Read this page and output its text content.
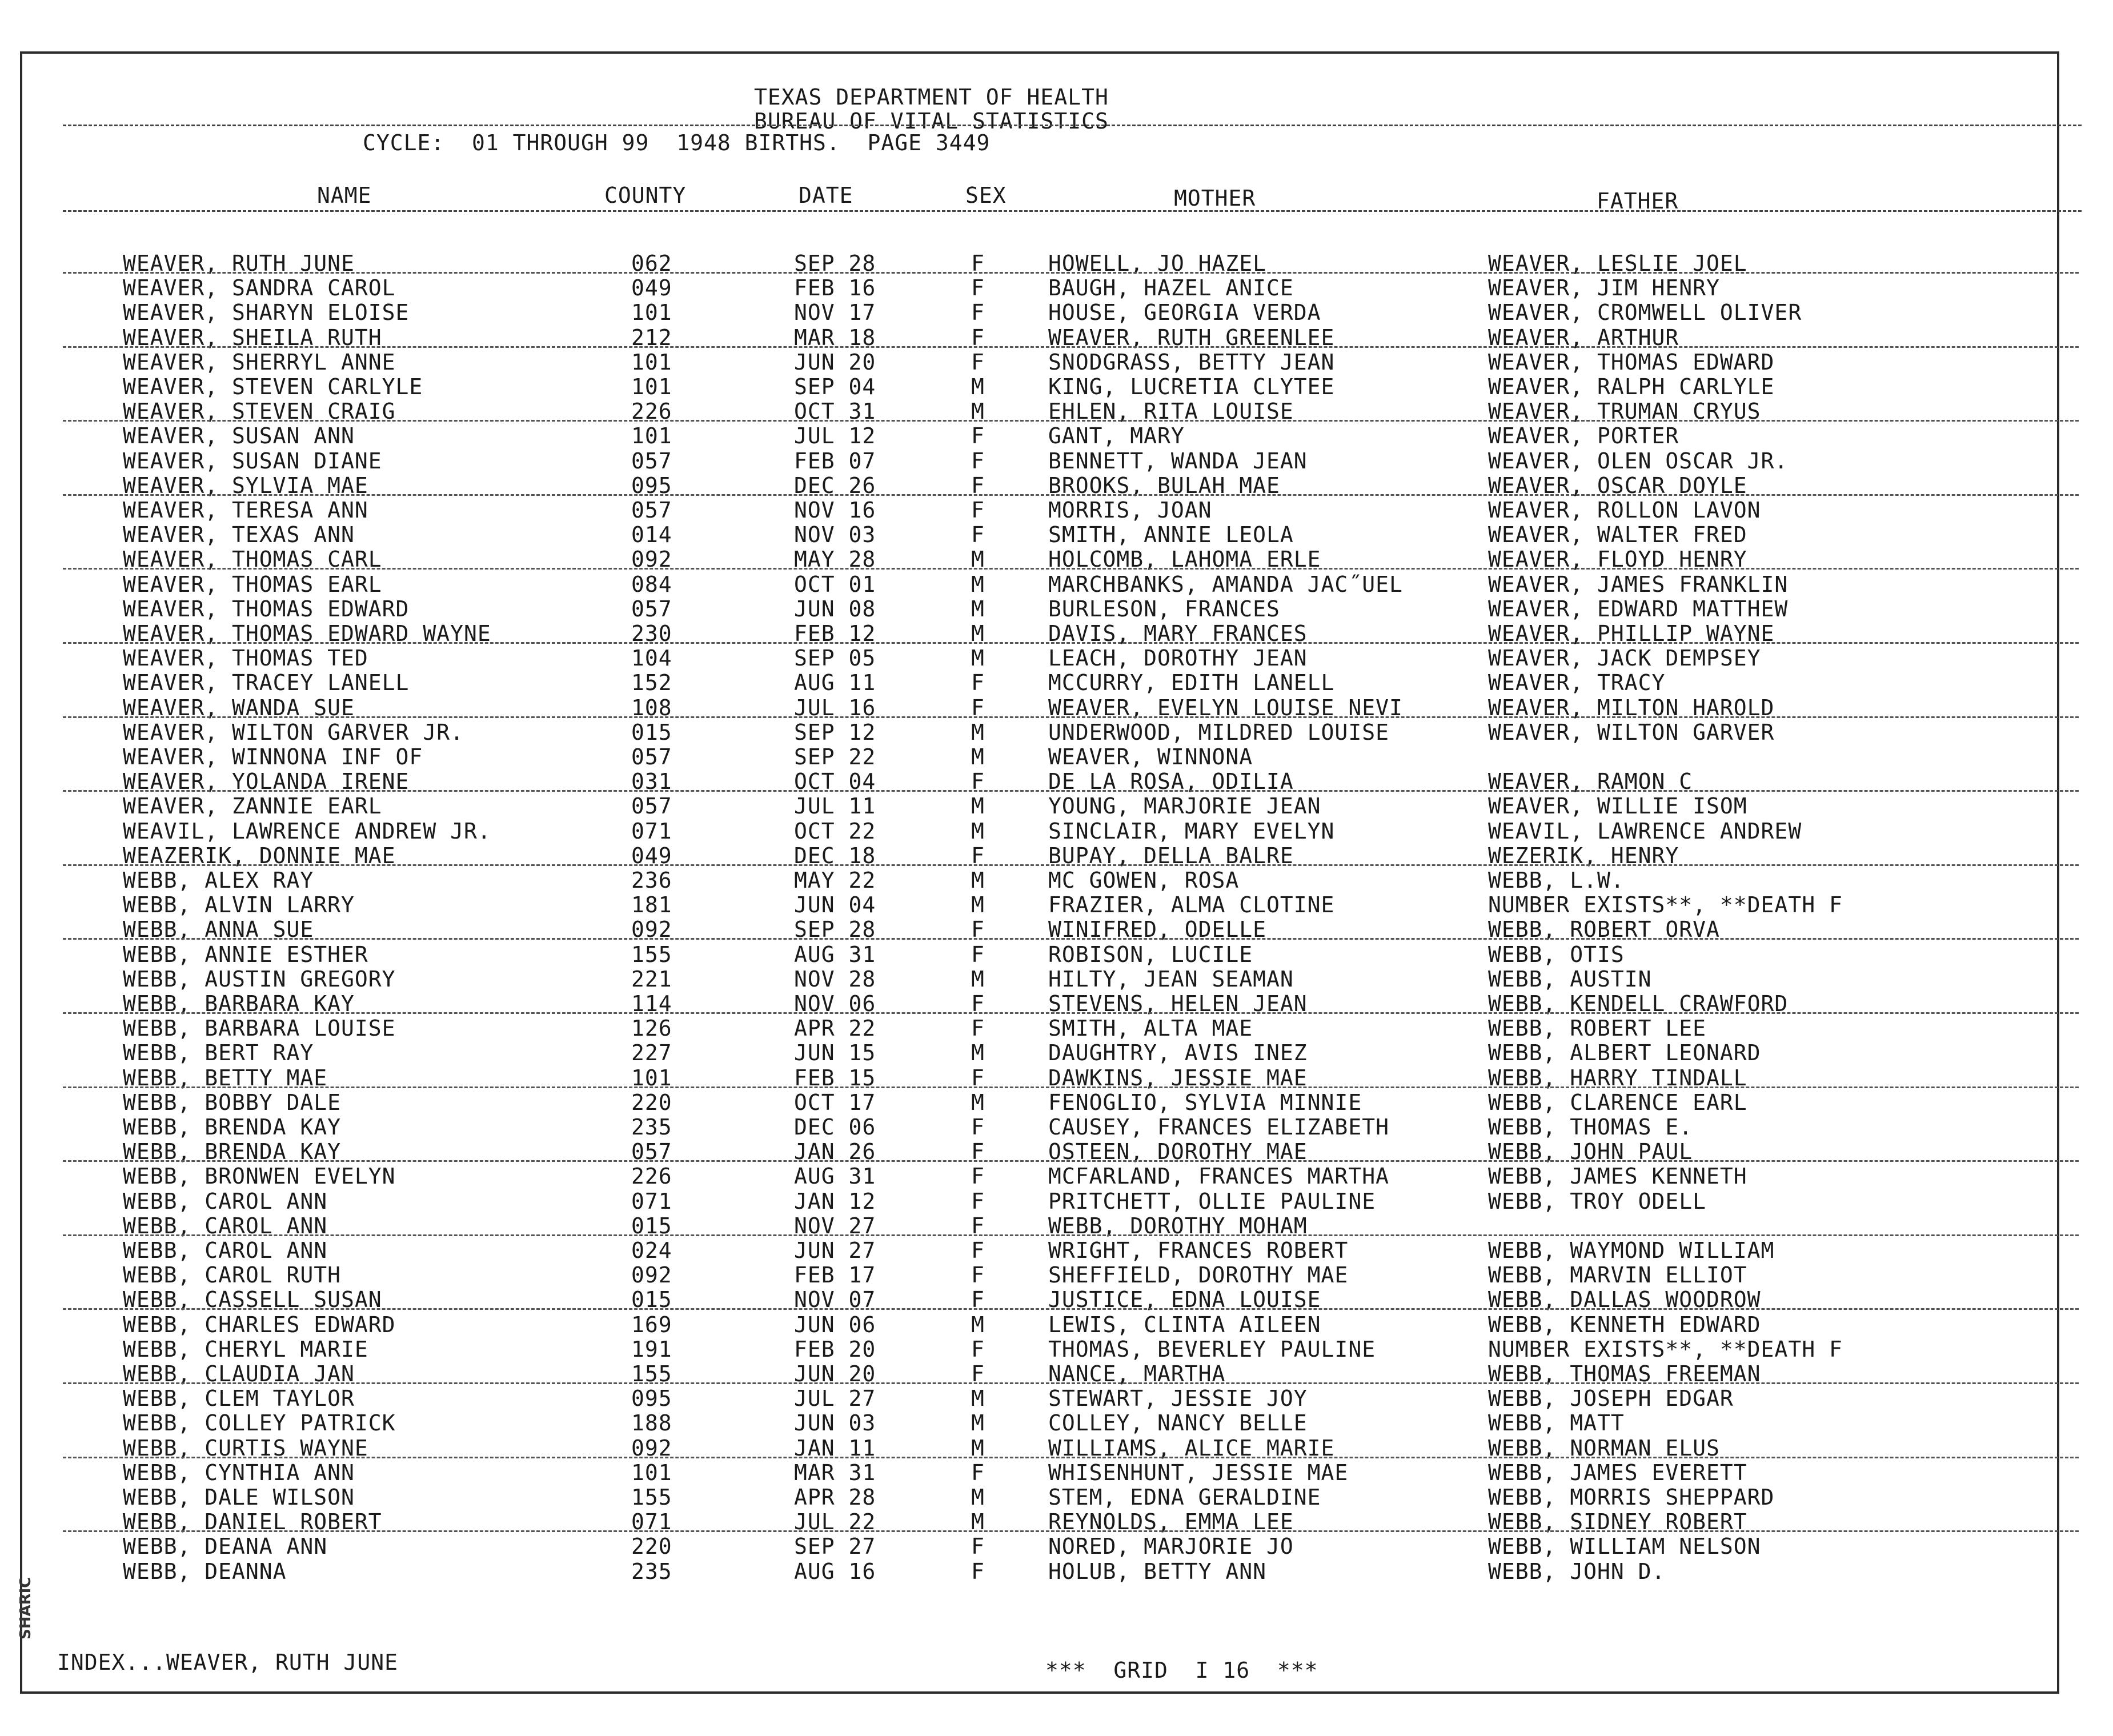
SHARIC
TEXAS DEPARTMENT OF HEALTH
BUREAU OF VITAL STATISTICS
CYCLE:  01 THROUGH 99  1948 BIRTHS.  PAGE 3449
NAME	COUNTY	DATE	SEX	MOTHER	FATHER
WEAVER, RUTH JUNE	062	SEP 28	F	HOWELL, JO HAZEL	WEAVER, LESLIE JOEL
WEAVER, SANDRA CAROL	049	FEB 16	F	BAUGH, HAZEL ANICE	WEAVER, JIM HENRY
WEAVER, SHARYN ELOISE	101	NOV 17	F	HOUSE, GEORGIA VERDA	WEAVER, CROMWELL OLIVER
WEAVER, SHEILA RUTH	212	MAR 18	F	WEAVER, RUTH GREENLEE	WEAVER, ARTHUR
WEAVER, SHERRYL ANNE	101	JUN 20	F	SNODGRASS, BETTY JEAN	WEAVER, THOMAS EDWARD
WEAVER, STEVEN CARLYLE	101	SEP 04	M	KING, LUCRETIA CLYTEE	WEAVER, RALPH CARLYLE
WEAVER, STEVEN CRAIG	226	OCT 31	M	EHLEN, RITA LOUISE	WEAVER, TRUMAN CRYUS
WEAVER, SUSAN ANN	101	JUL 12	F	GANT, MARY	WEAVER, PORTER
WEAVER, SUSAN DIANE	057	FEB 07	F	BENNETT, WANDA JEAN	WEAVER, OLEN OSCAR JR.
WEAVER, SYLVIA MAE	095	DEC 26	F	BROOKS, BULAH MAE	WEAVER, OSCAR DOYLE
WEAVER, TERESA ANN	057	NOV 16	F	MORRIS, JOAN	WEAVER, ROLLON LAVON
WEAVER, TEXAS ANN	014	NOV 03	F	SMITH, ANNIE LEOLA	WEAVER, WALTER FRED
WEAVER, THOMAS CARL	092	MAY 28	M	HOLCOMB, LAHOMA ERLE	WEAVER, FLOYD HENRY
WEAVER, THOMAS EARL	084	OCT 01	M	MARCHBANKS, AMANDA JAC˝UEL	WEAVER, JAMES FRANKLIN
WEAVER, THOMAS EDWARD	057	JUN 08	M	BURLESON, FRANCES	WEAVER, EDWARD MATTHEW
WEAVER, THOMAS EDWARD WAYNE	230	FEB 12	M	DAVIS, MARY FRANCES	WEAVER, PHILLIP WAYNE
WEAVER, THOMAS TED	104	SEP 05	M	LEACH, DOROTHY JEAN	WEAVER, JACK DEMPSEY
WEAVER, TRACEY LANELL	152	AUG 11	F	MCCURRY, EDITH LANELL	WEAVER, TRACY
WEAVER, WANDA SUE	108	JUL 16	F	WEAVER, EVELYN LOUISE NEVI	WEAVER, MILTON HAROLD
WEAVER, WILTON GARVER JR.	015	SEP 12	M	UNDERWOOD, MILDRED LOUISE	WEAVER, WILTON GARVER
WEAVER, WINNONA INF OF	057	SEP 22	M	WEAVER, WINNONA
WEAVER, YOLANDA IRENE	031	OCT 04	F	DE LA ROSA, ODILIA	WEAVER, RAMON C
WEAVER, ZANNIE EARL	057	JUL 11	M	YOUNG, MARJORIE JEAN	WEAVER, WILLIE ISOM
WEAVIL, LAWRENCE ANDREW JR.	071	OCT 22	M	SINCLAIR, MARY EVELYN	WEAVIL, LAWRENCE ANDREW
WEAZERIK, DONNIE MAE	049	DEC 18	F	BUPAY, DELLA BALRE	WEZERIK, HENRY
WEBB, ALEX RAY	236	MAY 22	M	MC GOWEN, ROSA	WEBB, L.W.
WEBB, ALVIN LARRY	181	JUN 04	M	FRAZIER, ALMA CLOTINE	NUMBER EXISTS**, **DEATH F
WEBB, ANNA SUE	092	SEP 28	F	WINIFRED, ODELLE	WEBB, ROBERT ORVA
WEBB, ANNIE ESTHER	155	AUG 31	F	ROBISON, LUCILE	WEBB, OTIS
WEBB, AUSTIN GREGORY	221	NOV 28	M	HILTY, JEAN SEAMAN	WEBB, AUSTIN
WEBB, BARBARA KAY	114	NOV 06	F	STEVENS, HELEN JEAN	WEBB, KENDELL CRAWFORD
WEBB, BARBARA LOUISE	126	APR 22	F	SMITH, ALTA MAE	WEBB, ROBERT LEE
WEBB, BERT RAY	227	JUN 15	M	DAUGHTRY, AVIS INEZ	WEBB, ALBERT LEONARD
WEBB, BETTY MAE	101	FEB 15	F	DAWKINS, JESSIE MAE	WEBB, HARRY TINDALL
WEBB, BOBBY DALE	220	OCT 17	M	FENOGLIO, SYLVIA MINNIE	WEBB, CLARENCE EARL
WEBB, BRENDA KAY	235	DEC 06	F	CAUSEY, FRANCES ELIZABETH	WEBB, THOMAS E.
WEBB, BRENDA KAY	057	JAN 26	F	OSTEEN, DOROTHY MAE	WEBB, JOHN PAUL
WEBB, BRONWEN EVELYN	226	AUG 31	F	MCFARLAND, FRANCES MARTHA	WEBB, JAMES KENNETH
WEBB, CAROL ANN	071	JAN 12	F	PRITCHETT, OLLIE PAULINE	WEBB, TROY ODELL
WEBB, CAROL ANN	015	NOV 27	F	WEBB, DOROTHY MOHAM
WEBB, CAROL ANN	024	JUN 27	F	WRIGHT, FRANCES ROBERT	WEBB, WAYMOND WILLIAM
WEBB, CAROL RUTH	092	FEB 17	F	SHEFFIELD, DOROTHY MAE	WEBB, MARVIN ELLIOT
WEBB, CASSELL SUSAN	015	NOV 07	F	JUSTICE, EDNA LOUISE	WEBB, DALLAS WOODROW
WEBB, CHARLES EDWARD	169	JUN 06	M	LEWIS, CLINTA AILEEN	WEBB, KENNETH EDWARD
WEBB, CHERYL MARIE	191	FEB 20	F	THOMAS, BEVERLEY PAULINE	NUMBER EXISTS**, **DEATH F
WEBB, CLAUDIA JAN	155	JUN 20	F	NANCE, MARTHA	WEBB, THOMAS FREEMAN
WEBB, CLEM TAYLOR	095	JUL 27	M	STEWART, JESSIE JOY	WEBB, JOSEPH EDGAR
WEBB, COLLEY PATRICK	188	JUN 03	M	COLLEY, NANCY BELLE	WEBB, MATT
WEBB, CURTIS WAYNE	092	JAN 11	M	WILLIAMS, ALICE MARIE	WEBB, NORMAN ELUS
WEBB, CYNTHIA ANN	101	MAR 31	F	WHISENHUNT, JESSIE MAE	WEBB, JAMES EVERETT
WEBB, DALE WILSON	155	APR 28	M	STEM, EDNA GERALDINE	WEBB, MORRIS SHEPPARD
WEBB, DANIEL ROBERT	071	JUL 22	M	REYNOLDS, EMMA LEE	WEBB, SIDNEY ROBERT
WEBB, DEANA ANN	220	SEP 27	F	NORED, MARJORIE JO	WEBB, WILLIAM NELSON
WEBB, DEANNA	235	AUG 16	F	HOLUB, BETTY ANN	WEBB, JOHN D.
INDEX...WEAVER, RUTH JUNE	***  GRID  I 16  ***
